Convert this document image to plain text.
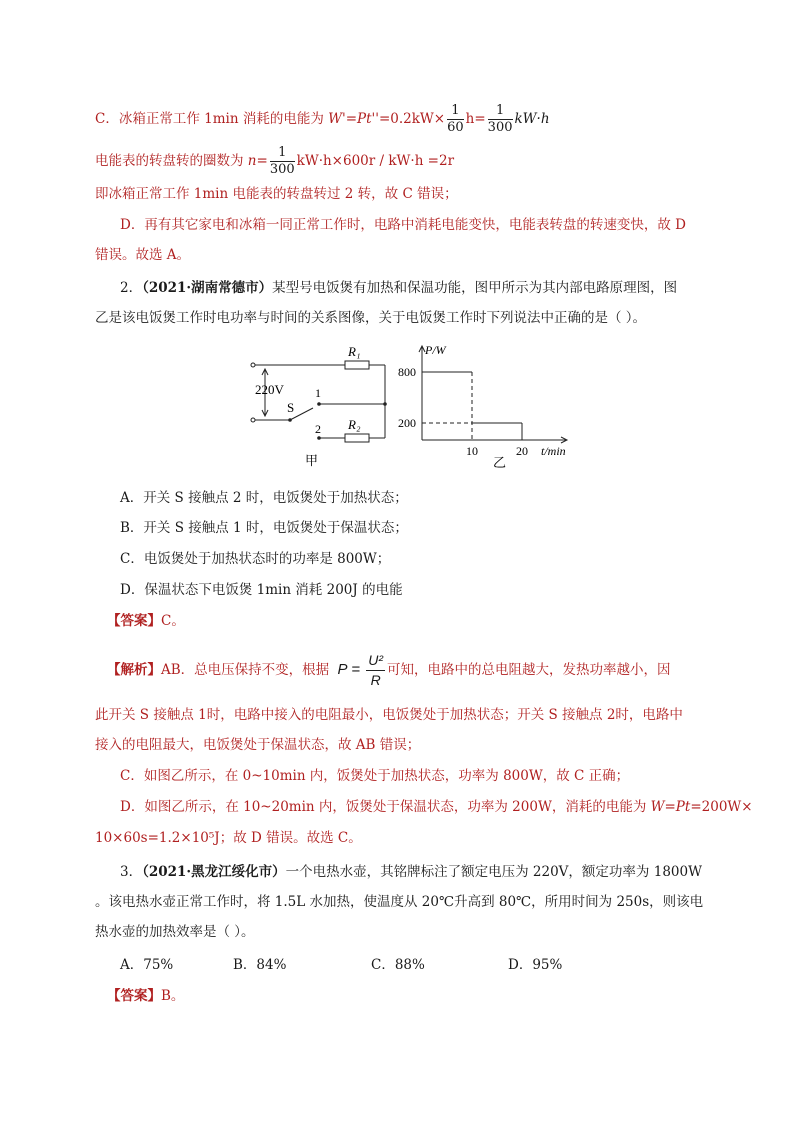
C．冰箱正常工作 1min 消耗的电能为 $W'=Pt''=0.2kW\times \frac{1}{60} h= \frac{1}{300} kW\cdot h$
电能表的转盘转的圈数为 $n= \frac{1}{300} kW\cdot h\times 600r / kW\cdot h =2r$
即冰箱正常工作 1min 电能表的转盘转过 2 转，故 C 错误；
D．再有其它家电和冰箱一同正常工作时，电路中消耗电能变快，电能表转盘的转速变快，故 D
错误。故选 A。
2．（2021·湖南常德市）某型号电饭煲有加热和保温功能，图甲所示为其内部电路原理图，图
乙是该电饭煲工作时电功率与时间的关系图像，关于电饭煲工作时下列说法中正确的是（ ）。
220V
S
1
2
R₁
R₂
甲
800
200
10	20
P/W
t/min
乙
A．开关 S 接触点 2 时，电饭煲处于加热状态；
B．开关 S 接触点 1 时，电饭煲处于保温状态；
C．电饭煲处于加热状态时的功率是 800W；
D．保温状态下电饭煲 1min 消耗 200J 的电能
【答案】C。
【解析】AB．总电压保持不变，根据 $P = \frac{\text{U²}}{R}$ 可知，电路中的总电阻越大，发热功率越小，因
此开关 S 接触点 1时，电路中接入的电阻最小，电饭煲处于加热状态；开关 S 接触点 2时，电路中
接入的电阻最大，电饭煲处于保温状态，故 AB 错误；
C．如图乙所示，在 0~10min 内，饭煲处于加热状态，功率为 800W，故 C 正确；
D．如图乙所示，在 10~20min 内，饭煲处于保温状态，功率为 200W，消耗的电能为 W=Pt=200W×
10×60s=1.2×10⁵J；故 D 错误。故选 C。
3．（2021·黑龙江绥化市）一个电热水壶，其铭牌标注了额定电压为 220V，额定功率为 1800W
。该电热水壶正常工作时，将 1.5L 水加热，使温度从 20℃升高到 80℃，所用时间为 250s，则该电
热水壶的加热效率是（ ）。
A．75%	B．84%	C．88%	D．95%
【答案】B。
